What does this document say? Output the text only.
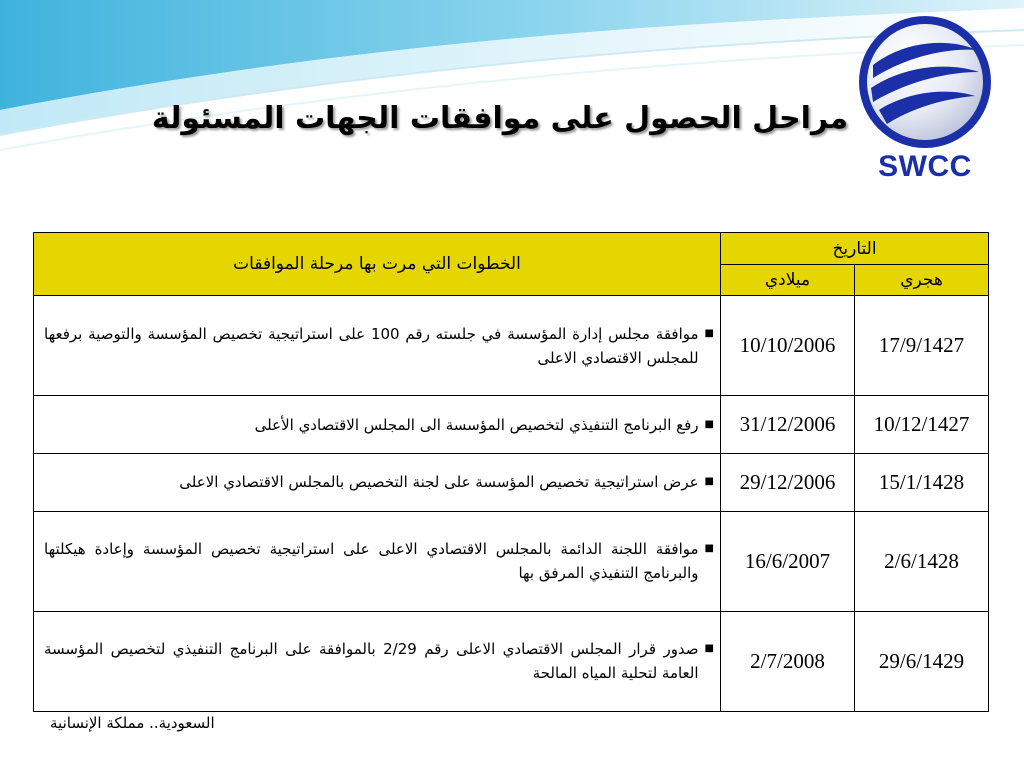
SWCC
مراحل الحصول على موافقات الجهات المسئولة
التاريخ		الخطوات التي مرت بها مرحلة الموافقات
هجري	ميلادي	
17/9/1427	10/10/2006	■
موافقة مجلس إدارة المؤسسة في جلسته رقم 100 على استراتيجية تخصيص المؤسسة والتوصية برفعها للمجلس الاقتصادي الاعلى

10/12/1427	31/12/2006	■
رفع البرنامج التنفيذي لتخصيص المؤسسة الى المجلس الاقتصادي الأعلى

15/1/1428	29/12/2006	■
عرض استراتيجية تخصيص المؤسسة على لجنة التخصيص بالمجلس الاقتصادي الاعلى

2/6/1428	16/6/2007	■
موافقة اللجنة الدائمة بالمجلس الاقتصادي الاعلى على استراتيجية تخصيص المؤسسة وإعادة هيكلتها والبرنامج التنفيذي المرفق بها

29/6/1429	2/7/2008	■
صدور قرار المجلس الاقتصادي الاعلى رقم 2/29 بالموافقة على البرنامج التنفيذي لتخصيص المؤسسة العامة لتحلية المياه المالحة
السعودية.. مملكة الإنسانية
